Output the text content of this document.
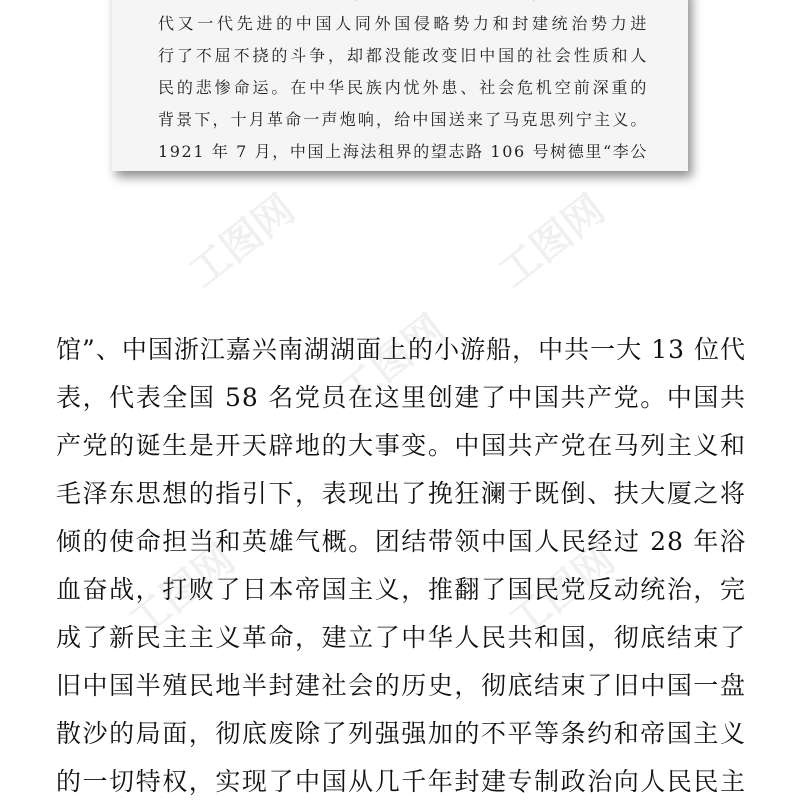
工图网	工图网
工图网
工图网	工图网
代又一代先进的中国人同外国侵略势力和封建统治势力进
行了不屈不挠的斗争，却都没能改变旧中国的社会性质和人
民的悲惨命运。在中华民族内忧外患、社会危机空前深重的
背景下，十月革命一声炮响，给中国送来了马克思列宁主义。
1921 年 7 月，中国上海法租界的望志路 106 号树德里“李公
馆”、中国浙江嘉兴南湖湖面上的小游船，中共一大 13 位代
表，代表全国 58 名党员在这里创建了中国共产党。中国共
产党的诞生是开天辟地的大事变。中国共产党在马列主义和
毛泽东思想的指引下，表现出了挽狂澜于既倒、扶大厦之将
倾的使命担当和英雄气概。团结带领中国人民经过 28 年浴
血奋战，打败了日本帝国主义，推翻了国民党反动统治，完
成了新民主主义革命，建立了中华人民共和国，彻底结束了
旧中国半殖民地半封建社会的历史，彻底结束了旧中国一盘
散沙的局面，彻底废除了列强强加的不平等条约和帝国主义
的一切特权，实现了中国从几千年封建专制政治向人民民主
